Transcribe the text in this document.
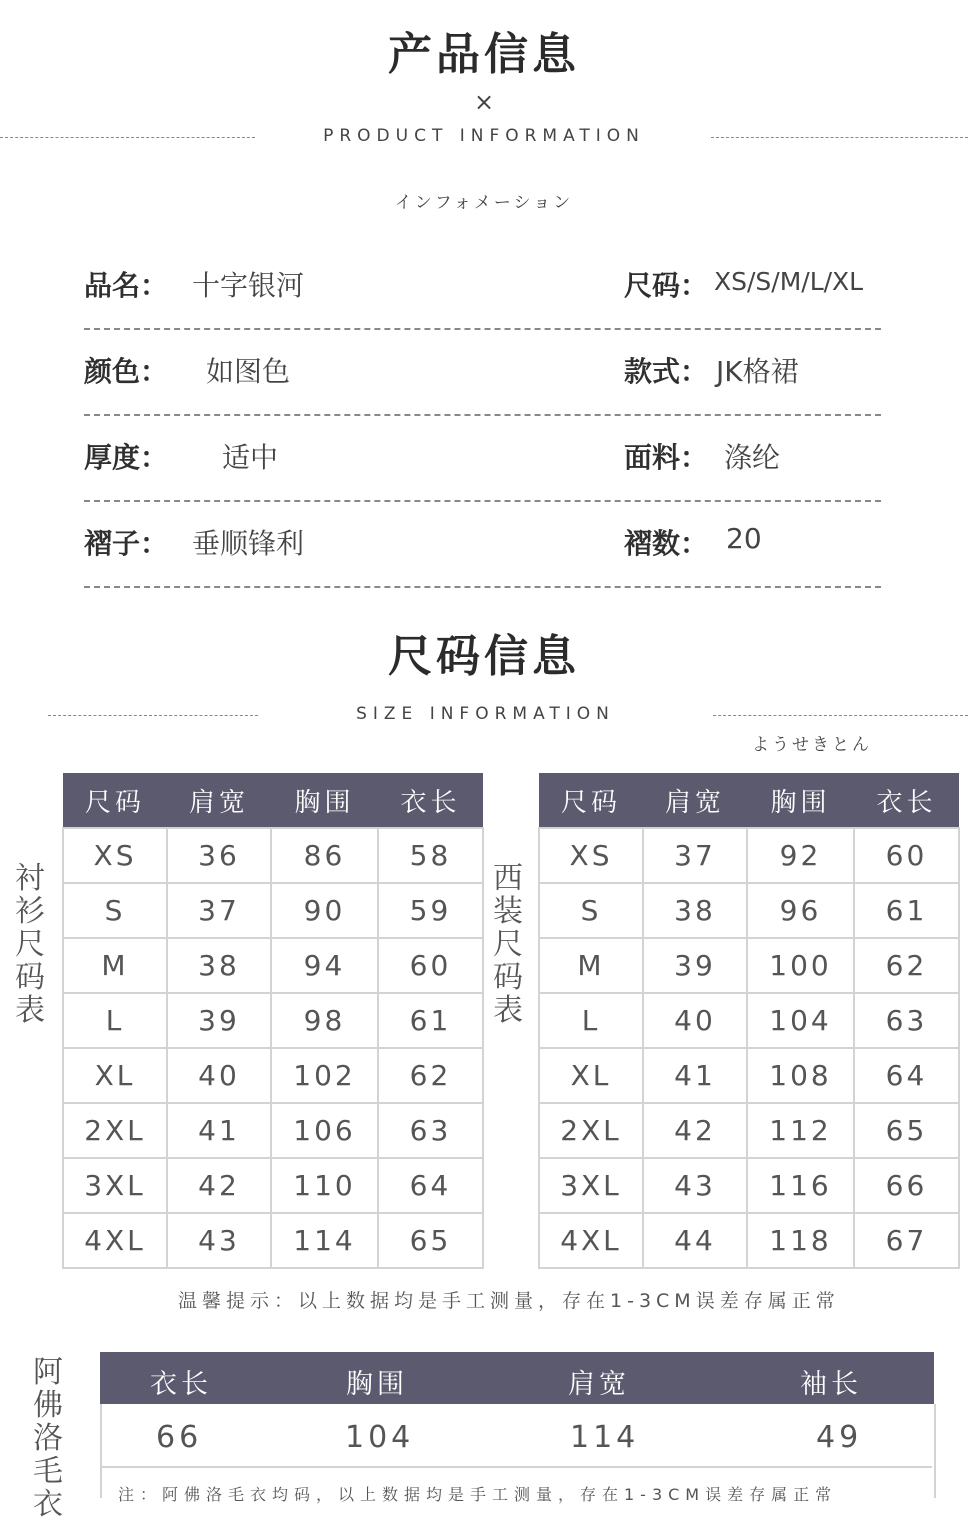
产品信息
×
PRODUCT INFORMATION
インフォメーション
品名： 十字银河	尺码： XS/S/M/L/XL
颜色： 如图色	款式： JK格裙
厚度： 适中	面料： 涤纶
褶子： 垂顺锋利	褶数： 20
尺码信息
SIZE INFORMATION
ようせきとん
衬
衫
尺
码
表
尺码	肩宽	胸围	衣长
XS	36	86	58
S	37	90	59
M	38	94	60
L	39	98	61
XL	40	102	62
2XL	41	106	63
3XL	42	110	64
4XL	43	114	65
西
装
尺
码
表
尺码	肩宽	胸围	衣长
XS	37	92	60
S	38	96	61
M	39	100	62
L	40	104	63
XL	41	108	64
2XL	42	112	65
3XL	43	116	66
4XL	44	118	67
温馨提示：以上数据均是手工测量，存在1-3CM误差存属正常
阿
佛
洛
毛
衣
衣长	胸围	肩宽	袖长
66	104	114	49
注：阿佛洛毛衣均码，以上数据均是手工测量，存在1-3CM误差存属正常
